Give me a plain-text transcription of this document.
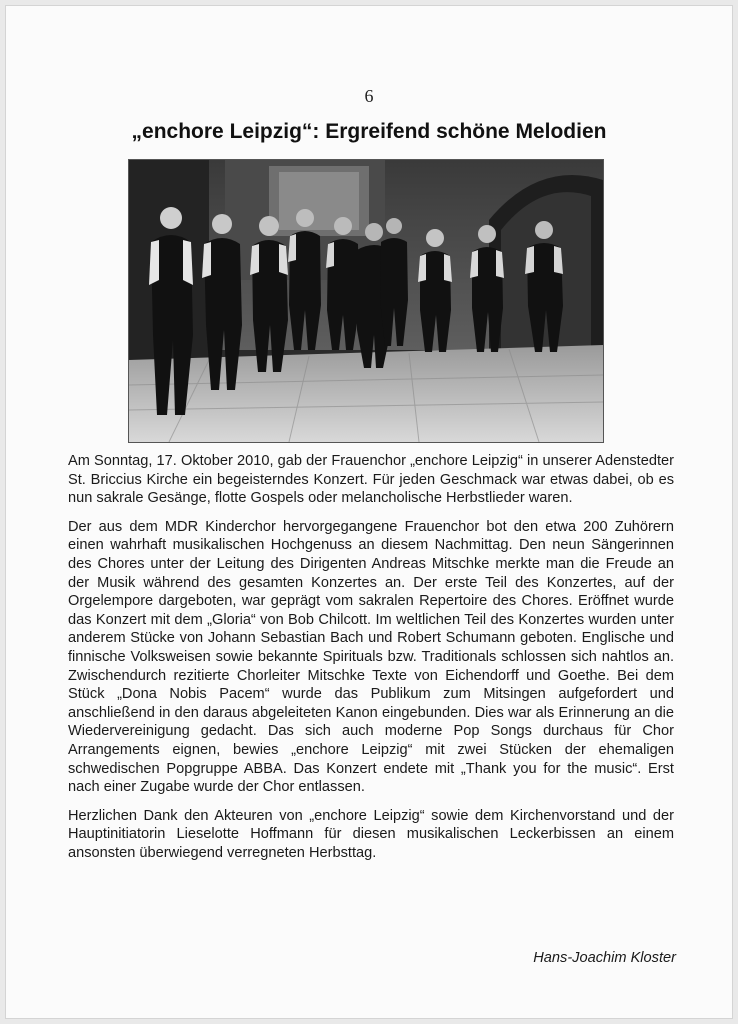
6
„enchore Leipzig“: Ergreifend schöne Melodien

Am Sonntag, 17. Oktober 2010, gab der Frauenchor „enchore Leipzig“ in unserer Adenstedter St. Briccius Kirche ein begeisterndes Konzert. Für jeden Geschmack war etwas dabei, ob es nun sakrale Gesänge, flotte Gospels oder melancholische Herbstlieder waren.

Der aus dem MDR Kinderchor hervorgegangene Frauenchor bot den etwa 200 Zuhörern einen wahrhaft musikalischen Hochgenuss an diesem Nachmittag. Den neun Sängerinnen des Chores unter der Leitung des Dirigenten Andreas Mitschke merkte man die Freude an der Musik während des gesamten Konzertes an. Der erste Teil des Konzertes, auf der Orgelempore dargeboten, war geprägt vom sakralen Repertoire des Chores. Eröffnet wurde das Konzert mit dem „Gloria“ von Bob Chilcott. Im weltlichen Teil des Konzertes wurden unter anderem Stücke von Johann Sebastian Bach und Robert Schumann geboten. Englische und finnische Volksweisen sowie bekannte Spirituals bzw. Traditionals schlossen sich nahtlos an. Zwischendurch rezitierte Chorleiter Mitschke Texte von Eichendorff und Goethe. Bei dem Stück „Dona Nobis Pacem“ wurde das Publikum zum Mitsingen aufgefordert und anschließend in den daraus abgeleiteten Kanon eingebunden. Dies war als Erinnerung an die Wiedervereinigung gedacht. Das sich auch moderne Pop Songs durchaus für Chor Arrangements eignen, bewies „enchore Leipzig“ mit zwei Stücken der ehemaligen schwedischen Popgruppe ABBA. Das Konzert endete mit „Thank you for the music“. Erst nach einer Zugabe wurde der Chor entlassen.

Herzlichen Dank den Akteuren von „enchore Leipzig“ sowie dem Kirchenvorstand und der Hauptinitiatorin Lieselotte Hoffmann für diesen musikalischen Leckerbissen an einem ansonsten überwiegend verregneten Herbsttag.

Hans-Joachim Kloster
